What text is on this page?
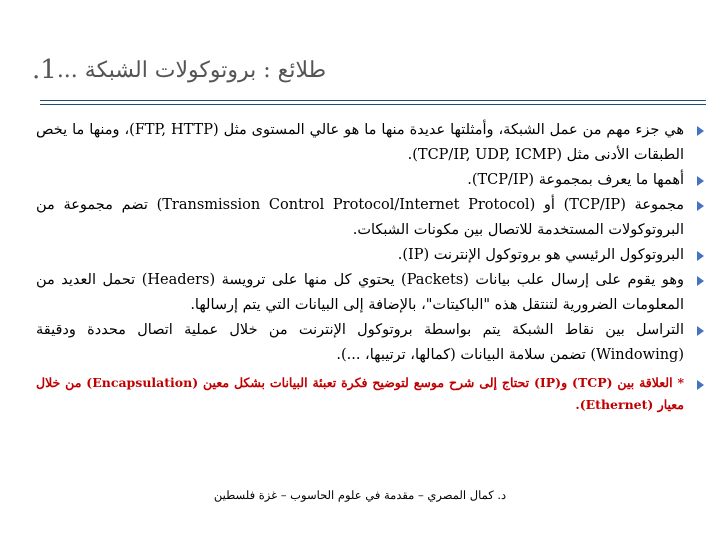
1. طلائع : بروتوكولات الشبكة ...
هي جزء مهم من عمل الشبكة، وأمثلتها عديدة منها ما هو عالي المستوى مثل (FTP, HTTP)، ومنها ما يخص الطبقات الأدنى مثل (TCP/IP, UDP, ICMP).
أهمها ما يعرف بمجموعة (TCP/IP).
مجموعة (TCP/IP) أو (Transmission Control Protocol/Internet Protocol) تضم مجموعة من البروتوكولات المستخدمة للاتصال بين مكونات الشبكات.
البروتوكول الرئيسي هو بروتوكول الإنترنت (IP).
وهو يقوم على إرسال علب بيانات (Packets) يحتوي كل منها على ترويسة (Headers) تحمل العديد من المعلومات الضرورية لتنتقل هذه "الباكيتات"، بالإضافة إلى البيانات التي يتم إرسالها.
التراسل بين نقاط الشبكة يتم بواسطة بروتوكول الإنترنت من خلال عملية اتصال محددة ودقيقة (Windowing) تضمن سلامة البيانات (كمالها، ترتيبها، ...).
* العلاقة بين (TCP) و(IP) تحتاج إلى شرح موسع لتوضيح فكرة تعبئة البيانات بشكل معين (Encapsulation) من خلال معيار (Ethernet).
د. كمال المصري – مقدمة في علوم الحاسوب – غزة فلسطين
